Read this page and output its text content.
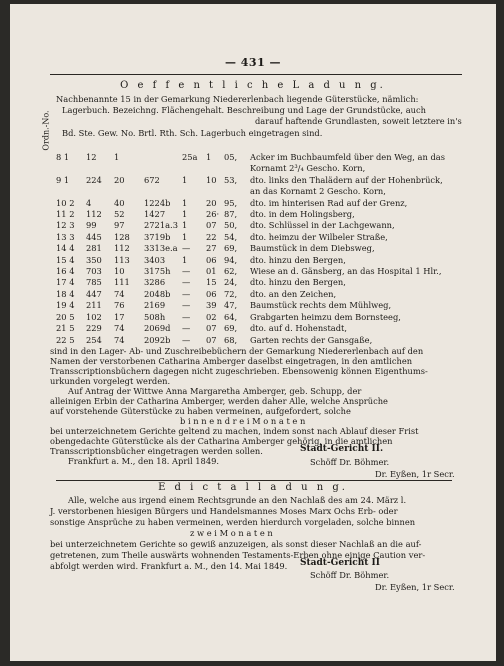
— 431 —
O e f f e n t l i c h e L a d u n g.
Nachbenannte 15 in der Gemarkung Niedererlenbach liegende Güterstücke, nämlich:
Lagerbuch. Bezeichng. Flächengehalt. Beschreibung und Lage der Grundstücke, auch
darauf haftende Grundlasten, soweit letztere in's
Bd. Ste. Gew. No. Brtl. Rth. Sch. Lagerbuch eingetragen sind.
Ordn.-No.
8 1	12	1		25a	1	05,	Acker im Buchbaumfeld über den Weg, an das
							Kornamt 2³/₄ Gescho. Korn,
9 1	224	20	672	1	10	53,	dto. links den Thalädern auf der Hohenbrück,
							an das Kornamt 2 Gescho. Korn,
10 2	4	40	1224b	1	20	95,	dto. im hinterisen Rad auf der Grenz,
11 2	112	52	1427	1	26·	87,	dto. in dem Holingsberg,
12 3	99	97	2721a.3	1	07	50,	dto. Schlüssel in der Lachgewann,
13 3	445	128	3719b	1	22	54,	dto. heimzu der Wilbeler Straße,
14 4	281	112	3313e.a	—	27	69,	Baumstück in dem Diebsweg,
15 4	350	113	3403	1	06	94,	dto. hinzu den Bergen,
16 4	703	10	3175h	—	01	62,	Wiese an d. Gänsberg, an das Hospital 1 Hlr.,
17 4	785	111	3286	—	15	24,	dto. hinzu den Bergen,
18 4	447	74	2048b	—	06	72,	dto. an den Zeichen,
19 4	211	76	2169	—	39	47,	Baumstück rechts dem Mühlweg,
20 5	102	17	508h	—	02	64,	Grabgarten heimzu dem Bornsteeg,
21 5	229	74	2069d	—	07	69,	dto. auf d. Hohenstadt,
22 5	254	74	2092b	—	07	68,	Garten rechts der Gansgaße,
sind in den Lager- Ab- und Zuschreibebüchern der Gemarkung Niedererlenbach auf den
Namen der verstorbenen Catharina Amberger daselbst eingetragen, in den amtlichen
Transscriptionsbüchern dagegen nicht zugeschrieben. Ebensowenig können Eigenthums-
urkunden vorgelegt werden.
Auf Antrag der Wittwe Anna Margaretha Amberger, geb. Schupp, der
alleinigen Erbin der Catharina Amberger, werden daher Alle, welche Ansprüche
auf vorstehende Güterstücke zu haben vermeinen, aufgefordert, solche
b i n n e n d r e i M o n a t e n
bei unterzeichnetem Gerichte geltend zu machen, indem sonst nach Ablauf dieser Frist
obengedachte Güterstücke als der Catharina Amberger gehörig, in die amtlichen
Transscriptionsbücher eingetragen werden sollen.
Frankfurt a. M., den 18. April 1849.
Stadt-Gericht II.
Schöff Dr. Böhmer.
Dr. Eyßen, 1r Secr.
E d i c t a l l a d u n g.
Alle, welche aus irgend einem Rechtsgrunde an den Nachlaß des am 24. März l.
J. verstorbenen hiesigen Bürgers und Handelsmannes Moses Marx Ochs Erb- oder
sonstige Ansprüche zu haben vermeinen, werden hierdurch vorgeladen, solche binnen
z w e i M o n a t e n
bei unterzeichnetem Gerichte so gewiß anzuzeigen, als sonst dieser Nachlaß an die auf-
getretenen, zum Theile auswärts wohnenden Testaments-Erben ohne einige Caution ver-
abfolgt werden wird. Frankfurt a. M., den 14. Mai 1849. Stadt-Gericht II
Schöff Dr. Böhmer.
Dr. Eyßen, 1r Secr.
